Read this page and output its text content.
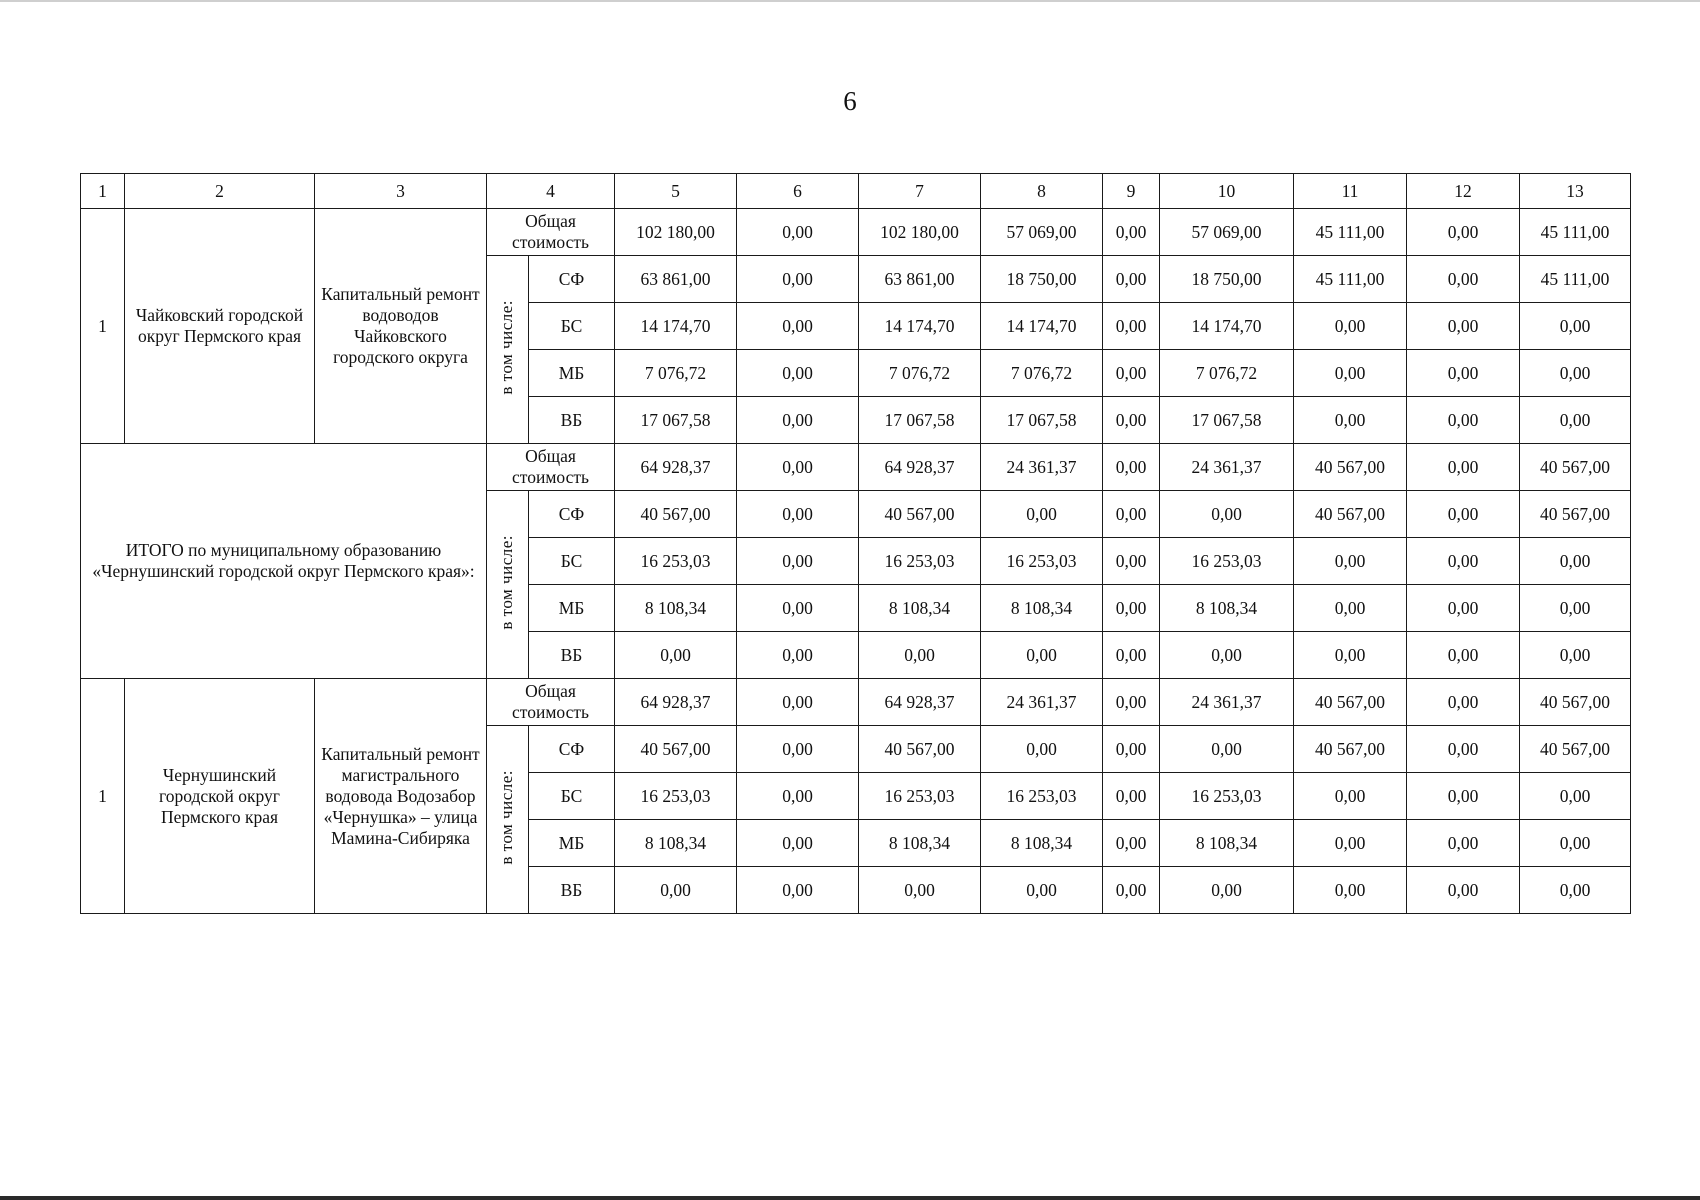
6
1	2	3	4		5	6	7	8	9	10	11	12	13
1	Чайковский городской округ Пермского края	Капитальный ремонт водоводов Чайковского городского округа	Общая стоимость		102 180,00	0,00	102 180,00	57 069,00	0,00	57 069,00	45 111,00	0,00	45 111,00
			в том числе:	СФ	63 861,00	0,00	63 861,00	18 750,00	0,00	18 750,00	45 111,00	0,00	45 111,00
				БС	14 174,70	0,00	14 174,70	14 174,70	0,00	14 174,70	0,00	0,00	0,00
				МБ	7 076,72	0,00	7 076,72	7 076,72	0,00	7 076,72	0,00	0,00	0,00
				ВБ	17 067,58	0,00	17 067,58	17 067,58	0,00	17 067,58	0,00	0,00	0,00
ИТОГО по муниципальному образованию «Чернушинский городской округ Пермского края»:			Общая стоимость		64 928,37	0,00	64 928,37	24 361,37	0,00	24 361,37	40 567,00	0,00	40 567,00
			в том числе:	СФ	40 567,00	0,00	40 567,00	0,00	0,00	0,00	40 567,00	0,00	40 567,00
				БС	16 253,03	0,00	16 253,03	16 253,03	0,00	16 253,03	0,00	0,00	0,00
				МБ	8 108,34	0,00	8 108,34	8 108,34	0,00	8 108,34	0,00	0,00	0,00
				ВБ	0,00	0,00	0,00	0,00	0,00	0,00	0,00	0,00	0,00
1	Чернушинский городской округ Пермского края	Капитальный ремонт магистрального водовода Водозабор «Чернушка» – улица Мамина-Сибиряка	Общая стоимость		64 928,37	0,00	64 928,37	24 361,37	0,00	24 361,37	40 567,00	0,00	40 567,00
			в том числе:	СФ	40 567,00	0,00	40 567,00	0,00	0,00	0,00	40 567,00	0,00	40 567,00
				БС	16 253,03	0,00	16 253,03	16 253,03	0,00	16 253,03	0,00	0,00	0,00
				МБ	8 108,34	0,00	8 108,34	8 108,34	0,00	8 108,34	0,00	0,00	0,00
				ВБ	0,00	0,00	0,00	0,00	0,00	0,00	0,00	0,00	0,00
